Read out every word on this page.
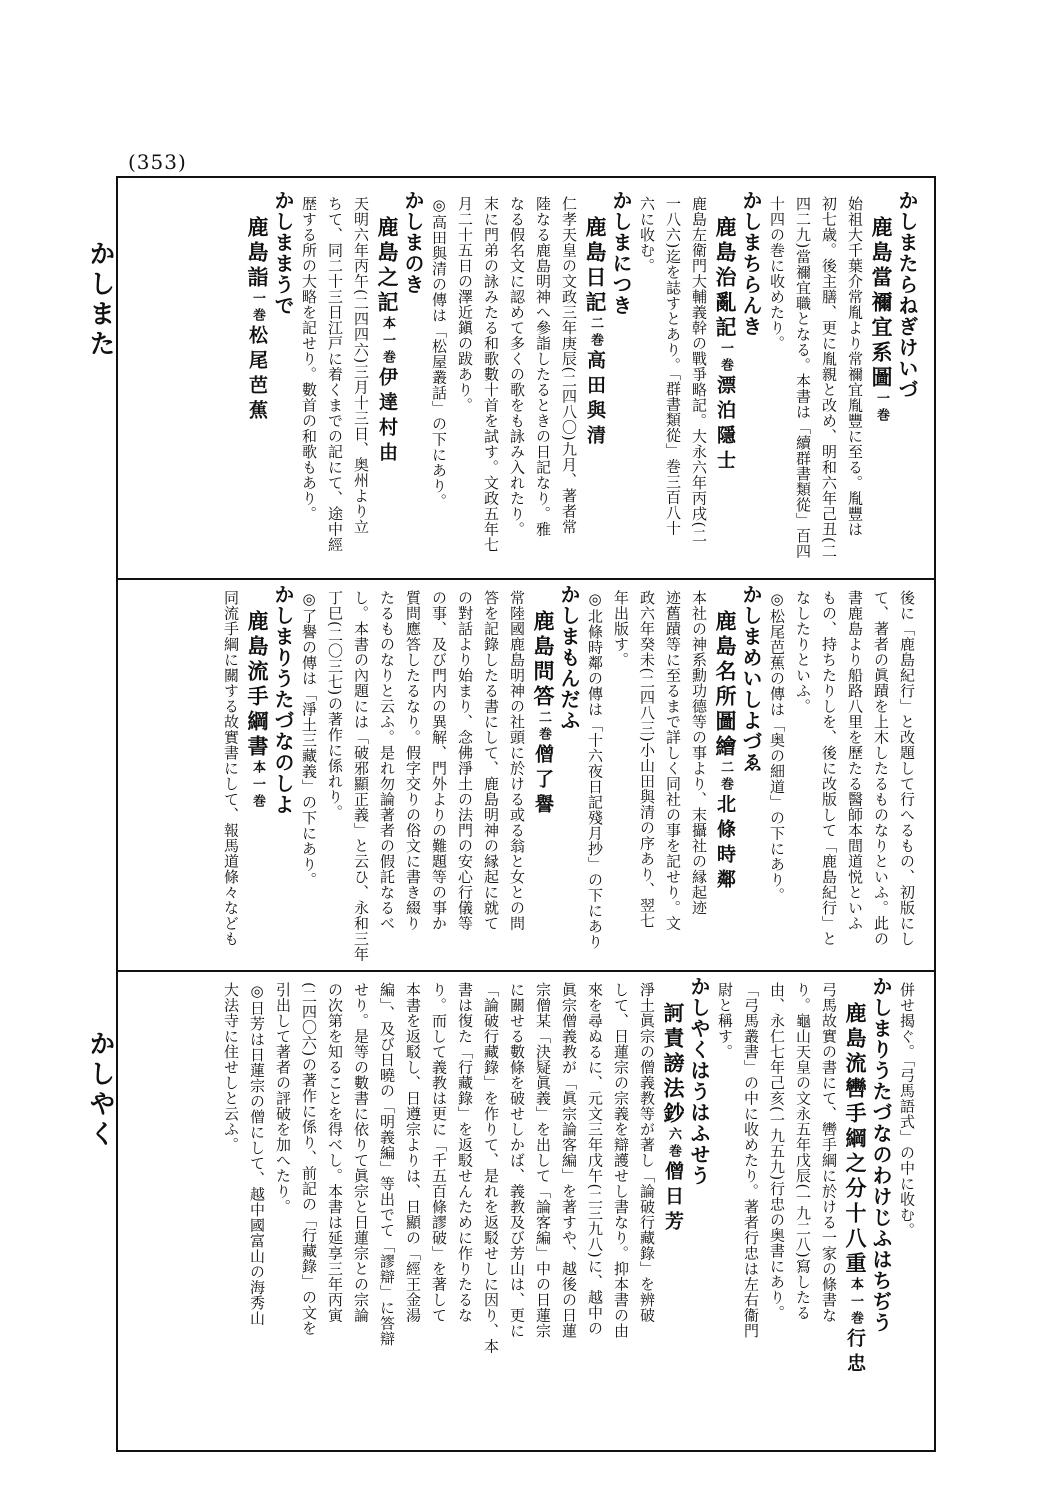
(353)
かしまた
かしやく
かしまたらねぎけいづ
鹿島當禰宜系圖一巻
始祖大千葉介常胤より常禰宜胤豐に至る。胤豐は
初七歳。後主膳、更に胤親と改め、明和六年己丑(二
四二九)當禰宜職となる。本書は「續群書類從」百四
十四の巻に收めたり。
かしまちらんき
鹿島治亂記一巻漂泊隱士
鹿島左衛門大輔義幹の戰爭略記。大永六年丙戌(二
一八六)迄を誌すとあり。「群書類從」巻三百八十
六に收む。
かしまにつき
鹿島日記二巻高田與清
仁孝天皇の文政三年庚辰(二四八〇)九月、著者常
陸なる鹿島明神へ參詣したるときの日記なり。雅
なる假名文に認めて多くの歌をも詠み入れたり。
末に門弟の詠みたる和歌數十首を試す。文政五年七
月二十五日の澤近鎭の跋あり。
◎高田與清の傳は「松屋叢話」の下にあり。
かしまのき
鹿島之記本一巻伊達村由
天明六年丙午(二四四六)三月十三日、奥州より立
ちて、同二十三日江戸に着くまでの記にて、途中經
歴する所の大略を記せり。數首の和歌もあり。
かしままうで
鹿島詣一巻松尾芭蕉
後に「鹿島紀行」と改題して行へるもの、初版にし
て、著者の眞蹟を上木したるものなりといふ。此の
書鹿島より船路八里を歷たる醫師本間道悦といふ
もの、持ちたりしを、後に改版して「鹿島紀行」と
なしたりといふ。
◎松尾芭蕉の傳は「奥の細道」の下にあり。
かしまめいしよづゑ
鹿島名所圖繪二巻北條時鄰
本社の神系勳功德等の事より、末攝社の縁起迹
迹舊蹟等に至るまで詳しく同社の事を記せり。文
政六年癸未(二四八三)小山田與清の序あり、翌七
年出版す。
◎北條時鄰の傳は「十六夜日記殘月抄」の下にあり
かしまもんだふ
鹿島問答二巻僧了譽
常陸國鹿島明神の社頭に於ける或る翁と女との問
答を記錄したる書にして、鹿島明神の縁起に就て
の對話より始まり、念佛淨土の法門の安心行儀等
の事、及び門内の異解、門外よりの難題等の事か
質問應答したるなり。假字交りの俗文に書き綴り
たるものなりと云ふ。是れ勿論著者の假託なるべ
し。本書の內題には「破邪顯正義」と云ひ、永和三年
丁巳(二〇三七)の著作に係れり。
◎了譽の傳は「淨土三藏義」の下にあり。
かしまりうたづなのしよ
鹿島流手綱書本一巻
同流手綱に關する故實書にして、報馬道條々なども
併せ揭ぐ。「弓馬語式」の中に收む。
かしまりうたづなのわけじふはちぢう
鹿島流轡手綱之分十八重本一巻行忠
弓馬故實の書にて、轡手綱に於ける一家の條書な
り。龜山天皇の文永五年戊辰(一九二八)寫したる
由、永仁七年己亥(一九五九)行忠の奥書にあり。
「弓馬叢書」の中に收めたり。著者行忠は左右衞門
尉と稱す。
かしやくはうはふせう
訶責謗法鈔六巻僧日芳
淨土眞宗の僧義教等が著し「論破行藏錄」を辨破
して、日蓮宗の宗義を辯護せし書なり。抑本書の由
來を尋ぬるに、元文三年戊午(二三九八)に、越中の
眞宗僧義教が「眞宗論客編」を著すや、越後の日蓮
宗僧某「決疑眞義」を出して「論客編」中の日蓮宗
に關せる數條を破せしかば、義教及び芳山は、更に
「論破行藏錄」を作りて、是れを返駁せしに因り、本
書は復た「行藏錄」を返駁せんために作りたるな
り。而して義教は更に「千五百條謬破」を著して
本書を返駁し、日遵宗よりは、日顯の「經王金湯
編」、及び日曉の「明義編」等出でて「謬辯」に答辯
せり。是等の數書に依りて眞宗と日蓮宗との宗論
の次第を知ることを得べし。本書は延享三年丙寅
(二四〇六)の著作に係り、前記の「行藏錄」の文を
引出して著者の評破を加へたり。
◎日芳は日蓮宗の僧にして、越中國富山の海秀山
大法寺に住せしと云ふ。
